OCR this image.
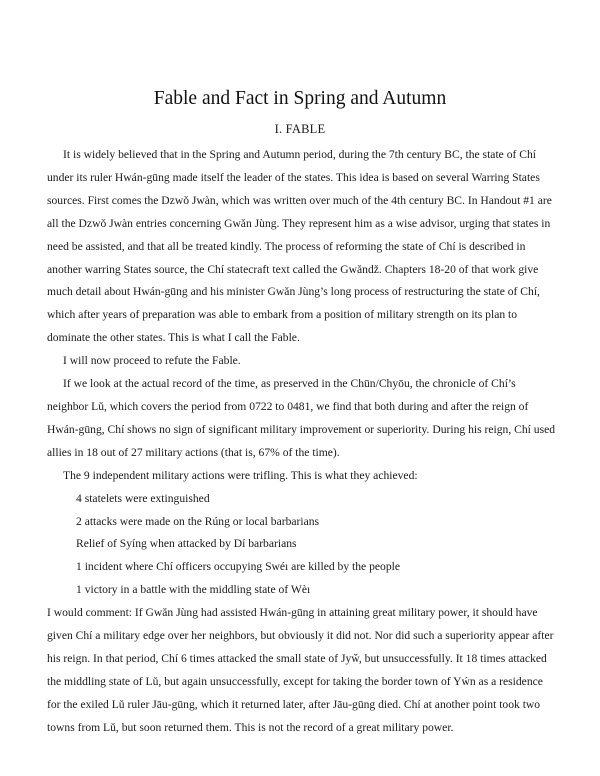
Fable and Fact in Spring and Autumn
I. FABLE

It is widely believed that in the Spring and Autumn period, during the 7th century BC, the state of Chí under its ruler Hwán-gūng made itself the leader of the states. This idea is based on several Warring States sources. First comes the Dzwǒ Jwàn, which was written over much of the 4th century BC. In Handout #1 are all the Dzwǒ Jwàn entries concerning Gwǎn Jùng. They represent him as a wise advisor, urging that states in need be assisted, and that all be treated kindly. The process of reforming the state of Chí is described in another warring States source, the Chí statecraft text called the Gwǎndž. Chapters 18-20 of that work give much detail about Hwán-gūng and his minister Gwǎn Jùng’s long process of restructuring the state of Chí, which after years of preparation was able to embark from a position of military strength on its plan to dominate the other states. This is what I call the Fable.

I will now proceed to refute the Fable.

If we look at the actual record of the time, as preserved in the Chūn/Chyōu, the chronicle of Chí’s neighbor Lǔ, which covers the period from 0722 to 0481, we find that both during and after the reign of Hwán-gūng, Chí shows no sign of significant military improvement or superiority. During his reign, Chí used allies in 18 out of 27 military actions (that is, 67% of the time).

The 9 independent military actions were trifling. This is what they achieved:

4 statelets were extinguished

2 attacks were made on the Rúng or local barbarians

Relief of Syíng when attacked by Dí barbarians

1 incident where Chí officers occupying Swéı are killed by the people

1 victory in a battle with the middling state of Wèı

I would comment: If Gwǎn Jùng had assisted Hwán-gūng in attaining great military power, it should have given Chí a military edge over her neighbors, but obviously it did not. Nor did such a superiority appear after his reign. In that period, Chí 6 times attacked the small state of Jyw̌, but unsuccessfully. It 18 times attacked the middling state of Lǔ, but again unsuccessfully, except for taking the border town of Yẃn as a residence for the exiled Lǔ ruler Jāu-gūng, which it returned later, after Jāu-gūng died. Chí at another point took two towns from Lǔ, but soon returned them. This is not the record of a great military power.
